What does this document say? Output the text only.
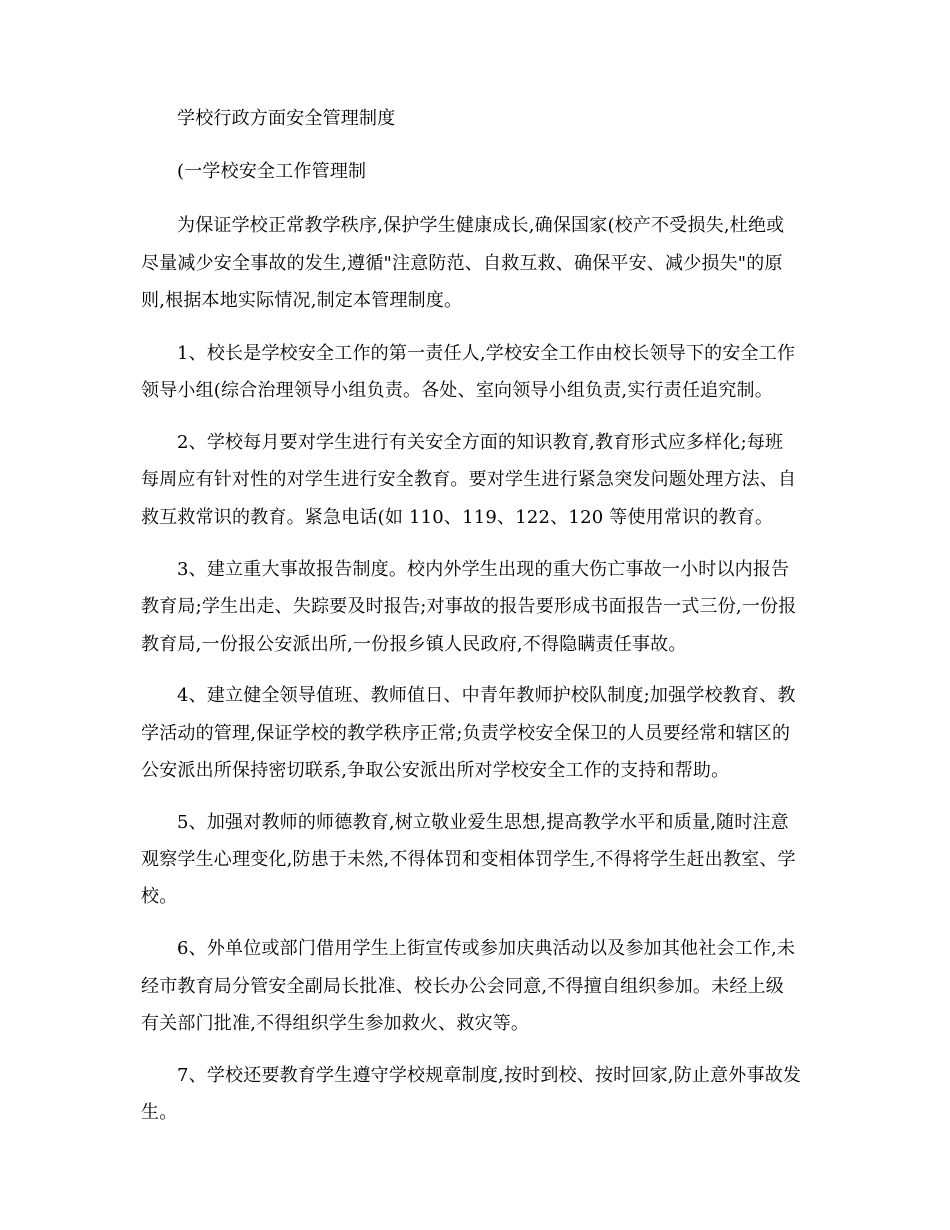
学校行政方面安全管理制度
(一学校安全工作管理制
为保证学校正常教学秩序,保护学生健康成长,确保国家(校产不受损失,杜绝或
尽量减少安全事故的发生,遵循"注意防范、自救互救、确保平安、减少损失"的原
则,根据本地实际情况,制定本管理制度。
1、校长是学校安全工作的第一责任人,学校安全工作由校长领导下的安全工作
领导小组(综合治理领导小组负责。各处、室向领导小组负责,实行责任追究制。
2、学校每月要对学生进行有关安全方面的知识教育,教育形式应多样化;每班
每周应有针对性的对学生进行安全教育。要对学生进行紧急突发问题处理方法、自
救互救常识的教育。紧急电话(如 110、119、122、120 等使用常识的教育。
3、建立重大事故报告制度。校内外学生出现的重大伤亡事故一小时以内报告
教育局;学生出走、失踪要及时报告;对事故的报告要形成书面报告一式三份,一份报
教育局,一份报公安派出所,一份报乡镇人民政府,不得隐瞒责任事故。
4、建立健全领导值班、教师值日、中青年教师护校队制度;加强学校教育、教
学活动的管理,保证学校的教学秩序正常;负责学校安全保卫的人员要经常和辖区的
公安派出所保持密切联系,争取公安派出所对学校安全工作的支持和帮助。
5、加强对教师的师德教育,树立敬业爱生思想,提高教学水平和质量,随时注意
观察学生心理变化,防患于未然,不得体罚和变相体罚学生,不得将学生赶出教室、学
校。
6、外单位或部门借用学生上街宣传或参加庆典活动以及参加其他社会工作,未
经市教育局分管安全副局长批准、校长办公会同意,不得擅自组织参加。未经上级
有关部门批准,不得组织学生参加救火、救灾等。
7、学校还要教育学生遵守学校规章制度,按时到校、按时回家,防止意外事故发
生。
